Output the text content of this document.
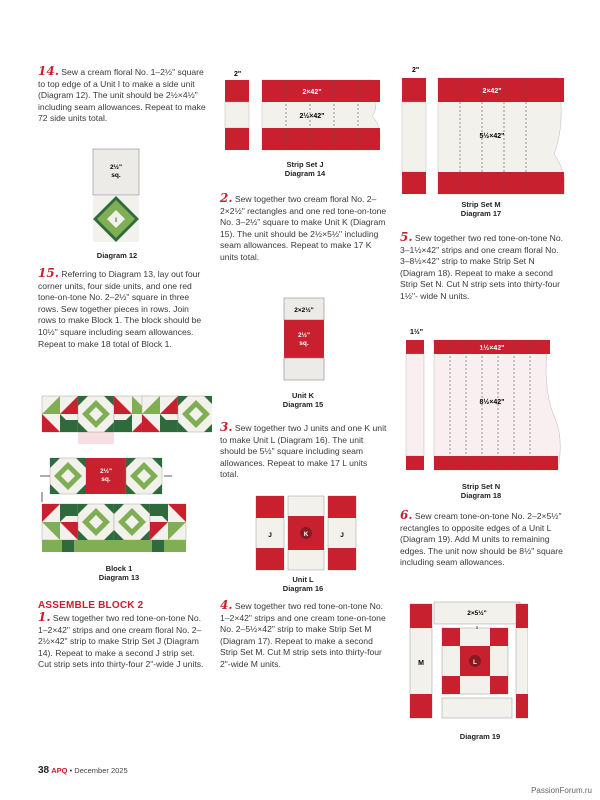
14. Sew a cream floral No. 1–2½" square to top edge of a Unit I to make a side unit (Diagram 12). The unit should be 2½×4½" including seam allowances. Repeat to make 72 side units total.
2½"
sq.
I
Diagram 12
15. Referring to Diagram 13, lay out four corner units, four side units, and one red tone-on-tone No. 2–2½" square in three rows. Sew together pieces in rows. Join rows to make Block 1. The block should be 10½" square including seam allowances. Repeat to make 18 total of Block 1.
2½"
sq.
Block 1
Diagram 13
ASSEMBLE BLOCK 2
1. Sew together two red tone-on-tone No. 1–2×42" strips and one cream floral No. 2–2½×42" strip to make Strip Set J (Diagram 14). Repeat to make a second J strip set. Cut strip sets into thirty-four 2"-wide J units.
2"
2×42"
2½×42"
Strip Set J
Diagram 14
2. Sew together two cream floral No. 2–2×2½" rectangles and one red tone-on-tone No. 3–2½" square to make Unit K (Diagram 15). The unit should be 2½×5½" including seam allowances. Repeat to make 17 K units total.
2×2½"
2½"
sq.
Unit K
Diagram 15
3. Sew together two J units and one K unit to make Unit L (Diagram 16). The unit should be 5½" square including seam allowances. Repeat to make 17 L units total.
J	K	J
Unit L
Diagram 16
4. Sew together two red tone-on-tone No. 1–2×42" strips and one cream tone-on-tone No. 2–5½×42" strip to make Strip Set M (Diagram 17). Repeat to make a second Strip Set M. Cut M strip sets into thirty-four 2"-wide M units.
2"
2×42"
5½×42"
Strip Set M
Diagram 17
5. Sew together two red tone-on-tone No. 3–1½×42" strips and one cream floral No. 3–8½×42" strip to make Strip Set N (Diagram 18). Repeat to make a second Strip Set N. Cut N strip sets into thirty-four 1½"- wide N units.
1½"
1½×42"
8½×42"
Strip Set N
Diagram 18
6. Sew cream tone-on-tone No. 2–2×5½" rectangles to opposite edges of a Unit L (Diagram 19). Add M units to remaining edges. The unit now should be 8½" square including seam allowances.
2×5½"
M	L
Diagram 19
38 APQ • December 2025
PassionForum.ru
